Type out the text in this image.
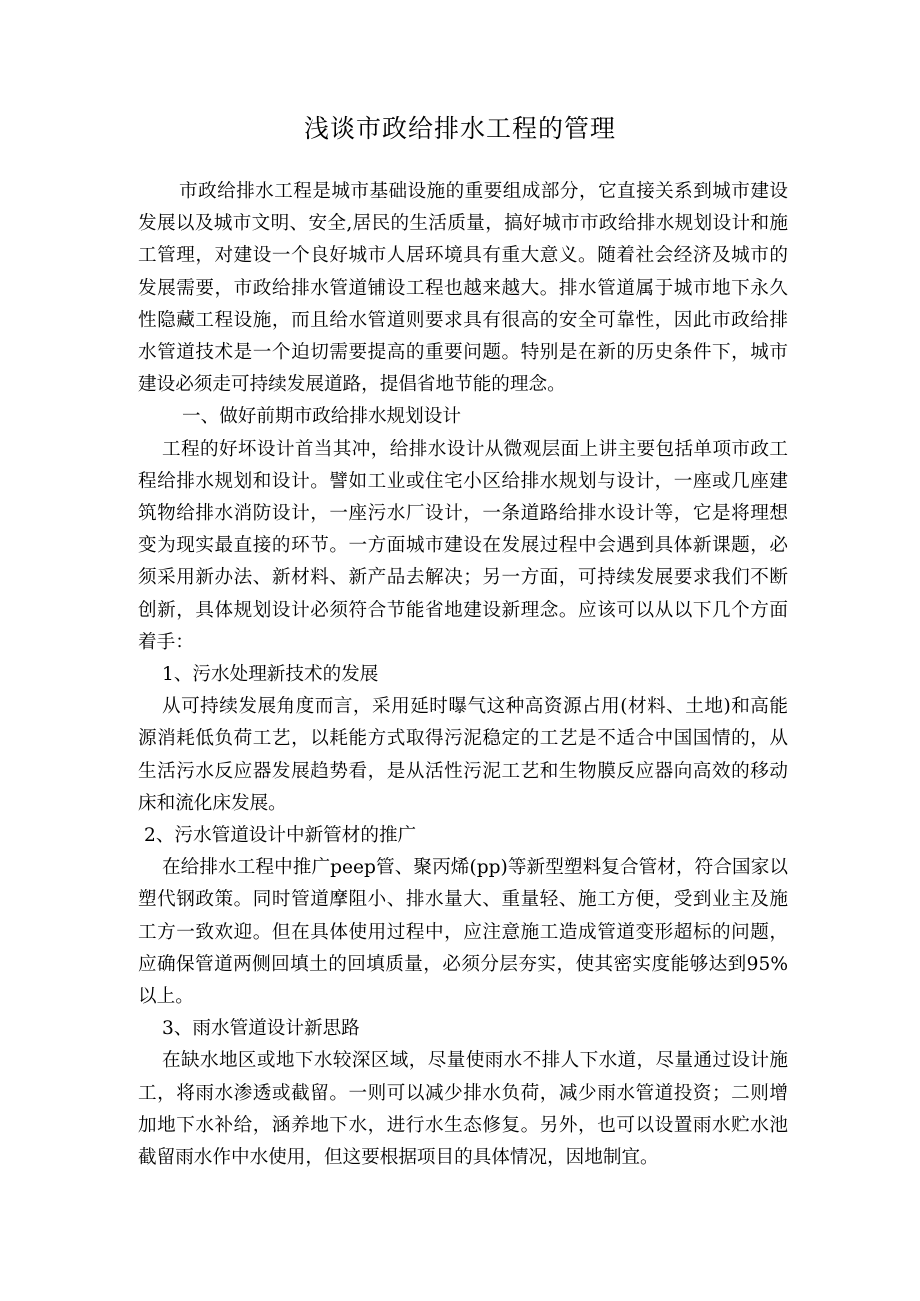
浅谈市政给排水工程的管理

市政给排水工程是城市基础设施的重要组成部分，它直接关系到城市建设发展以及城市文明、安全,居民的生活质量，搞好城市市政给排水规划设计和施工管理，对建设一个良好城市人居环境具有重大意义。随着社会经济及城市的发展需要，市政给排水管道铺设工程也越来越大。排水管道属于城市地下永久性隐藏工程设施，而且给水管道则要求具有很高的安全可靠性，因此市政给排水管道技术是一个迫切需要提高的重要问题。特别是在新的历史条件下，城市建设必须走可持续发展道路，提倡省地节能的理念。

一、做好前期市政给排水规划设计

工程的好坏设计首当其冲，给排水设计从微观层面上讲主要包括单项市政工程给排水规划和设计。譬如工业或住宅小区给排水规划与设计，一座或几座建筑物给排水消防设计，一座污水厂设计，一条道路给排水设计等，它是将理想变为现实最直接的环节。一方面城市建设在发展过程中会遇到具体新课题，必须采用新办法、新材料、新产品去解决；另一方面，可持续发展要求我们不断创新，具体规划设计必须符合节能省地建设新理念。应该可以从以下几个方面着手：

1、污水处理新技术的发展

从可持续发展角度而言，采用延时曝气这种高资源占用(材料、土地)和高能源消耗低负荷工艺，以耗能方式取得污泥稳定的工艺是不适合中国国情的，从生活污水反应器发展趋势看，是从活性污泥工艺和生物膜反应器向高效的移动床和流化床发展。

2、污水管道设计中新管材的推广

在给排水工程中推广peep管、聚丙烯(pp)等新型塑料复合管材，符合国家以塑代钢政策。同时管道摩阻小、排水量大、重量轻、施工方便，受到业主及施工方一致欢迎。但在具体使用过程中，应注意施工造成管道变形超标的问题，应确保管道两侧回填土的回填质量，必须分层夯实，使其密实度能够达到95%以上。

3、雨水管道设计新思路

在缺水地区或地下水较深区域，尽量使雨水不排人下水道，尽量通过设计施工，将雨水渗透或截留。一则可以减少排水负荷，减少雨水管道投资；二则增加地下水补给，涵养地下水，进行水生态修复。另外，也可以设置雨水贮水池截留雨水作中水使用，但这要根据项目的具体情况，因地制宜。
